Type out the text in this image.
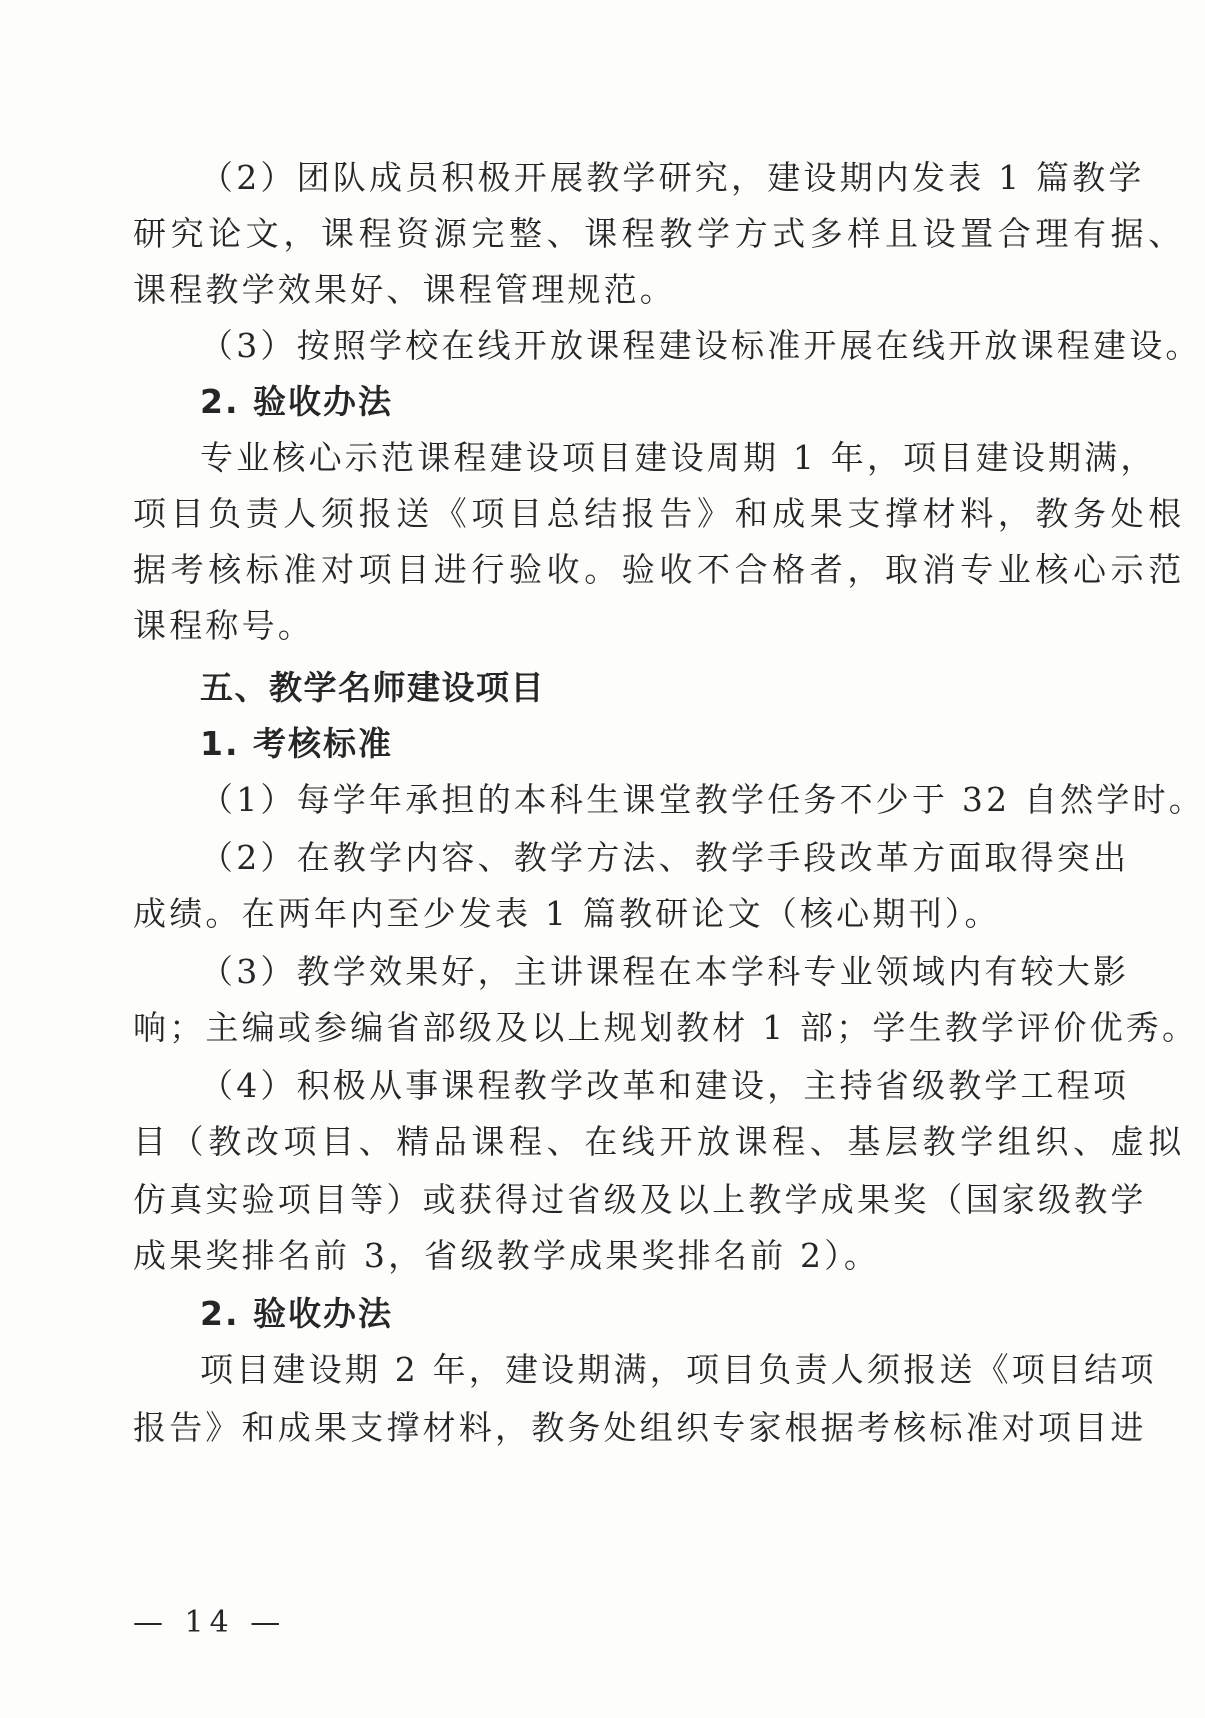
（2）团队成员积极开展教学研究，建设期内发表 1 篇教学
研究论文，课程资源完整、课程教学方式多样且设置合理有据、
课程教学效果好、课程管理规范。
（3）按照学校在线开放课程建设标准开展在线开放课程建设。
2. 验收办法
专业核心示范课程建设项目建设周期 1 年，项目建设期满，
项目负责人须报送《项目总结报告》和成果支撑材料，教务处根
据考核标准对项目进行验收。验收不合格者，取消专业核心示范
课程称号。
五、教学名师建设项目
1. 考核标准
（1）每学年承担的本科生课堂教学任务不少于 32 自然学时。
（2）在教学内容、教学方法、教学手段改革方面取得突出
成绩。在两年内至少发表 1 篇教研论文（核心期刊）。
（3）教学效果好，主讲课程在本学科专业领域内有较大影
响；主编或参编省部级及以上规划教材 1 部；学生教学评价优秀。
（4）积极从事课程教学改革和建设，主持省级教学工程项
目（教改项目、精品课程、在线开放课程、基层教学组织、虚拟
仿真实验项目等）或获得过省级及以上教学成果奖（国家级教学
成果奖排名前 3，省级教学成果奖排名前 2）。
2. 验收办法
项目建设期 2 年，建设期满，项目负责人须报送《项目结项
报告》和成果支撑材料，教务处组织专家根据考核标准对项目进
— 14 —
